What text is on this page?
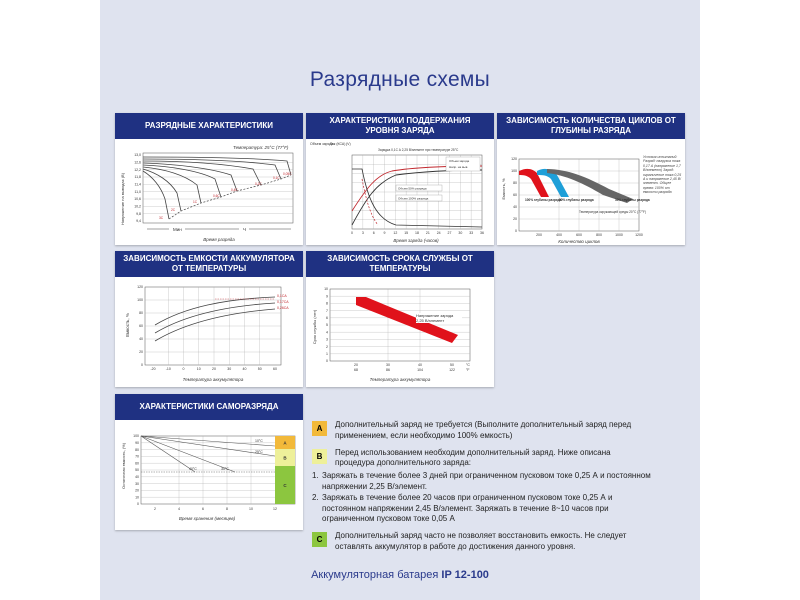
Разрядные схемы
РАЗРЯДНЫЕ ХАРАКТЕРИСТИКИ
Температура: 25°С (77°F)
Напряжение на выводах (В)
13,0
12,6
12,2
11,8
11,4
11,0
10,6
10,2
9,8
9,4
0,05C
0,1C
0,2C
0,4C
0,6C
1C
2C
3C
Мин	Ч
Время разряда
ХАРАКТЕРИСТИКИ ПОДДЕРЖАНИЯ УРОВНЯ ЗАРЯДА
Объем заряда
Ток (КСА) (V)
Зарядка 0,1С А 2,25 В/элемент при температуре 25°С
Объем заряда
Напр. на выв.
Объем 50% разряда
Объем 100% разряда
0	3	6	9 12 15 18 21 24 27 30 33 36
Время заряда (часов)
ЗАВИСИМОСТЬ КОЛИЧЕСТВА ЦИКЛОВ ОТ ГЛУБИНЫ РАЗРЯДА
Емкость, %
120
100
80
60
40
20
0
100% глубины разряда
50% глубины разряда	30% глубины разряда
Температура окружающей среды 20°C (77°F)
Условия испытаний: Разряд: нагрузка тока 0,17 А (напряжение 1,7 В/элемент) Заряд: ограничение тока 0,25 А и напряжение 2,45 В/элемент. Общее время: 100% от емкости разряда
200	400	600	800	1000	1200
Количество циклов
ЗАВИСИМОСТЬ ЕМКОСТИ АККУМУЛЯТОРА ОТ ТЕМПЕРАТУРЫ
Емкость, %
120
100
80
60
40
20
0
0,1СА
0,17СА
0,26СА
-20	-10	0	10	20	30	40	50	60
Температура аккумулятора
ЗАВИСИМОСТЬ СРОКА СЛУЖБЫ ОТ ТЕМПЕРАТУРЫ
Срок службы (лет)
10
9
8
7
6
5
4
3
2
1
0
Напряжение заряда 2,25 В/элемент
20	30	40	50
68	86	104	122
°C
°F
Температура аккумулятора
ХАРАКТЕРИСТИКИ САМОРАЗРЯДА
Остаточная емкость, (%)
100
90
80
70
60
50
40
30
20
10
0
A
B
C
10°С
25°С
30°С
40°С
2	4	6	8	10	12
Время хранения (месяцев)
A	Дополнительный заряд не требуется (Выполните дополнительный заряд перед применением, если необходимо 100% емкость)
B	Перед использованием необходим дополнительный заряд. Ниже описана процедура дополнительного заряда:
1. Заряжать в течение более 3 дней при ограниченном пусковом токе 0,25 А и постоянном напряжении 2,25 В/элемент.
2. Заряжать в течение более 20 часов при ограниченном пусковом токе 0,25 А и постоянном напряжении 2,45 В/элемент. Заряжать в течение 8~10 часов при ограниченном пусковом токе 0,05 А
C	Дополнительный заряд часто не позволяет восстановить емкость. Не следует оставлять аккумулятор в работе до достижения данного уровня.
Аккумуляторная батарея IP 12-100
